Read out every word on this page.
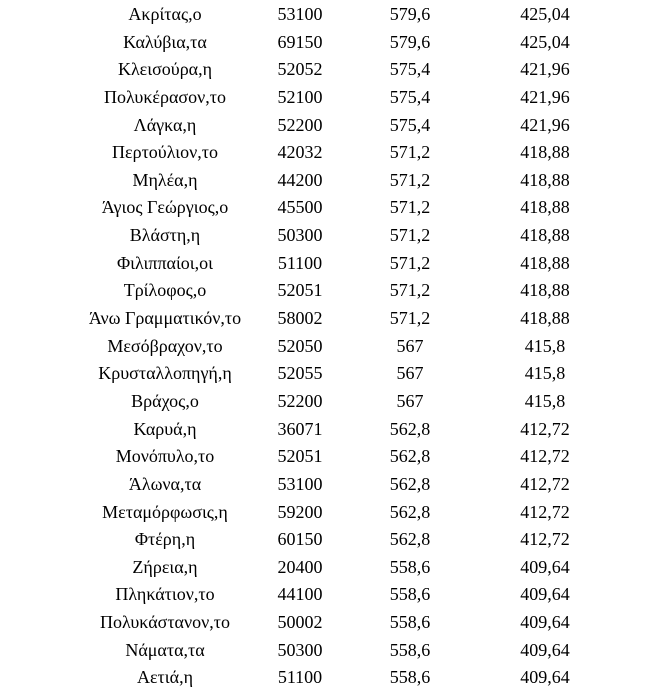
Ακρίτας,ο	53100	579,6	425,04
Καλύβια,τα	69150	579,6	425,04
Κλεισούρα,η	52052	575,4	421,96
Πολυκέρασον,το	52100	575,4	421,96
Λάγκα,η	52200	575,4	421,96
Περτούλιον,το	42032	571,2	418,88
Μηλέα,η	44200	571,2	418,88
Άγιος Γεώργιος,ο	45500	571,2	418,88
Βλάστη,η	50300	571,2	418,88
Φιλιππαίοι,οι	51100	571,2	418,88
Τρίλοφος,ο	52051	571,2	418,88
Άνω Γραμματικόν,το	58002	571,2	418,88
Μεσόβραχον,το	52050	567	415,8
Κρυσταλλοπηγή,η	52055	567	415,8
Βράχος,ο	52200	567	415,8
Καρυά,η	36071	562,8	412,72
Μονόπυλο,το	52051	562,8	412,72
Άλωνα,τα	53100	562,8	412,72
Μεταμόρφωσις,η	59200	562,8	412,72
Φτέρη,η	60150	562,8	412,72
Ζήρεια,η	20400	558,6	409,64
Πληκάτιον,το	44100	558,6	409,64
Πολυκάστανον,το	50002	558,6	409,64
Νάματα,τα	50300	558,6	409,64
Αετιά,η	51100	558,6	409,64
